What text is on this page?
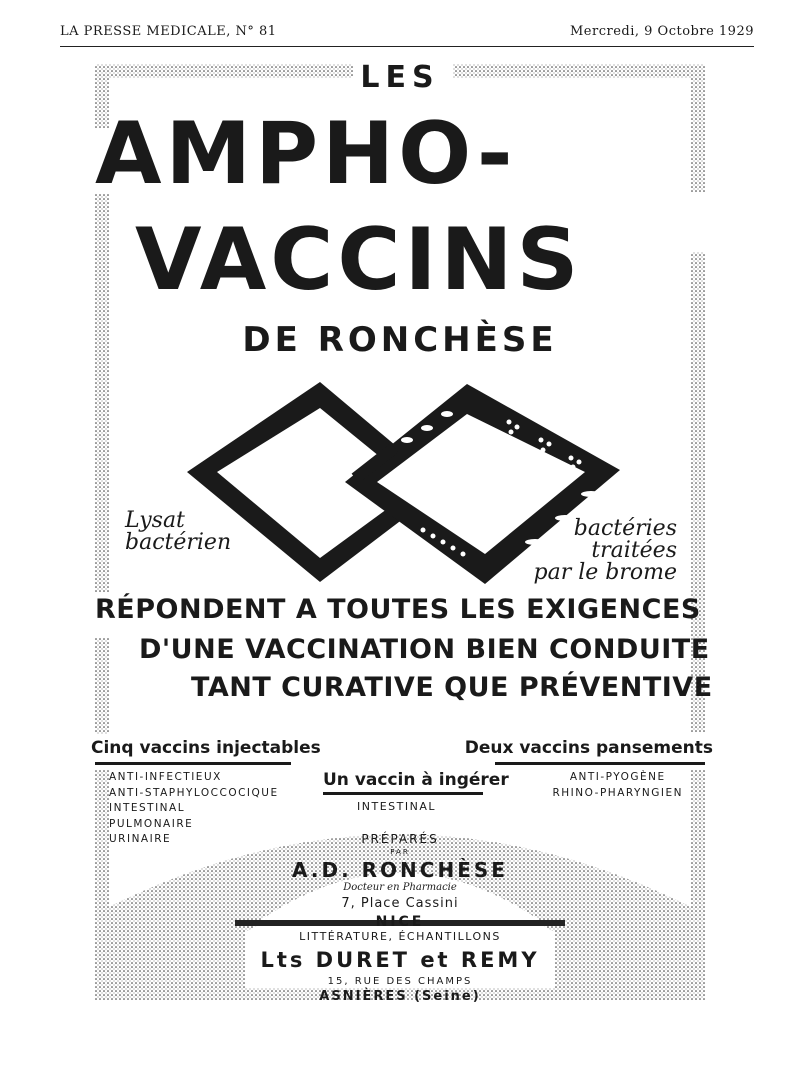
LA PRESSE MEDICALE, N° 81	Mercredi, 9 Octobre 1929
LES
AMPHO-
VACCINS
DE RONCHÈSE
Lysat
bactérien
bactéries
traitées
par le brome
RÉPONDENT A TOUTES LES EXIGENCES
D'UNE VACCINATION BIEN CONDUITE
TANT CURATIVE QUE PRÉVENTIVE
Cinq vaccins injectables	Deux vaccins pansements
ANTI-INFECTIEUX
ANTI-STAPHYLOCCOCIQUE
INTESTINAL
PULMONAIRE
URINAIRE
Un vaccin à ingérer
INTESTINAL
ANTI-PYOGÈNE
RHINO-PHARYNGIEN
PRÉPARÉS
PAR
A.D. RONCHÈSE
Docteur en Pharmacie
7, Place Cassini
NICE
LITTÉRATURE, ÉCHANTILLONS
Lts DURET et REMY
15, RUE DES CHAMPS
ASNIÈRES (Seine)
